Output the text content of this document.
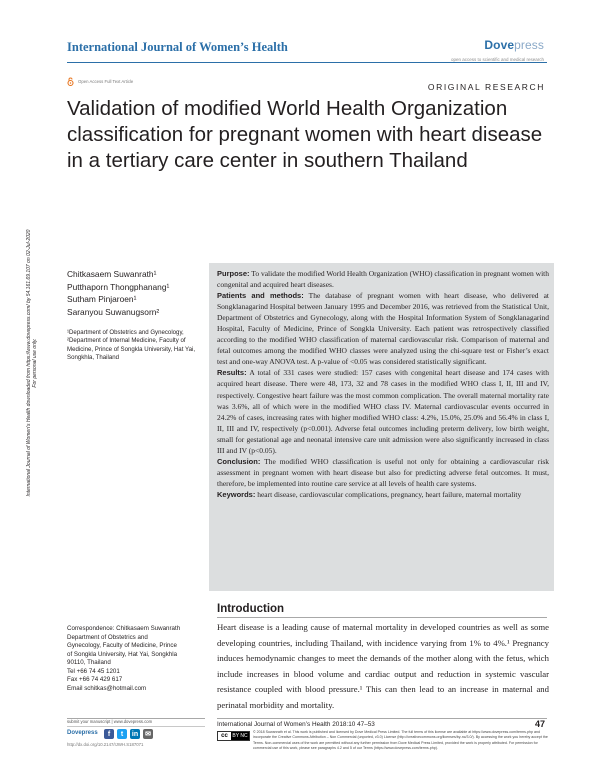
International Journal of Women’s Health	Dovepress
open access to scientific and medical research
Open Access Full Text Article
ORIGINAL RESEARCH
Validation of modified World Health Organization classification for pregnant women with heart disease in a tertiary care center in southern Thailand
International Journal of Women's Health downloaded from https://www.dovepress.com/ by 54.161.69.107 on 02-Jul-2020 For personal use only.
Chitkasaem Suwanrath¹
Putthaporn Thongphanang¹
Sutham Pinjaroen¹
Saranyou Suwanugsorn²
¹Department of Obstetrics and Gynecology, ²Department of Internal Medicine, Faculty of Medicine, Prince of Songkla University, Hat Yai, Songkhla, Thailand

Purpose: To validate the modified World Health Organization (WHO) classification in pregnant women with congenital and acquired heart diseases.

Patients and methods: The database of pregnant women with heart disease, who delivered at Songklanagarind Hospital between January 1995 and December 2016, was retrieved from the Statistical Unit, Department of Obstetrics and Gynecology, along with the Hospital Information System of Songklanagarind Hospital, Faculty of Medicine, Prince of Songkla University. Each patient was retrospectively classified according to the modified WHO classification of maternal cardiovascular risk. Comparison of maternal and fetal outcomes among the modified WHO classes were analyzed using the chi-square test or Fisher’s exact test and one-way ANOVA test. A p-value of <0.05 was considered statistically significant.

Results: A total of 331 cases were studied: 157 cases with congenital heart disease and 174 cases with acquired heart disease. There were 48, 173, 32 and 78 cases in the modified WHO class I, II, III and IV, respectively. Congestive heart failure was the most common complication. The overall maternal mortality rate was 3.6%, all of which were in the modified WHO class IV. Maternal cardiovascular events occurred in 24.2% of cases, increasing rates with higher modified WHO class: 4.2%, 15.0%, 25.0% and 56.4% in class I, II, III and IV, respectively (p<0.001). Adverse fetal outcomes including preterm delivery, low birth weight, small for gestational age and neonatal intensive care unit admission were also significantly increased in class III and IV (p<0.05).

Conclusion: The modified WHO classification is useful not only for obtaining a cardiovascular risk assessment in pregnant women with heart disease but also for predicting adverse fetal outcomes. It must, therefore, be implemented into routine care service at all levels of health care systems.

Keywords: heart disease, cardiovascular complications, pregnancy, heart failure, maternal mortality

Introduction
Heart disease is a leading cause of maternal mortality in developed countries as well as some developing countries, including Thailand, with incidence varying from 1% to 4%.¹ Pregnancy induces hemodynamic changes to meet the demands of the mother along with the fetus, which include increases in blood volume and cardiac output and reduction in systemic vascular resistance coupled with blood pressure.¹ This can then lead to an increase in maternal and perinatal morbidity and mortality.
Correspondence: Chitkasaem Suwanrath
Department of Obstetrics and
Gynecology, Faculty of Medicine, Prince
of Songkla University, Hat Yai, Songkhla
90110, Thailand
Tel +66 74 45 1201
Fax +66 74 429 617
Email schitkas@hotmail.com
submit your manuscript | www.dovepress.com
Dovepress	f	t	in ✉
http://dx.doi.org/10.2147/IJWH.S187071
International Journal of Women’s Health 2018:10 47–53	47
cc BY NC
© 2018 Suwanrath et al. This work is published and licensed by Dove Medical Press Limited. The full terms of this license are available at https://www.dovepress.com/terms.php and incorporate the Creative Commons Attribution – Non Commercial (unported, v3.0) License (http://creativecommons.org/licenses/by-nc/3.0/). By accessing the work you hereby accept the Terms. Non-commercial uses of the work are permitted without any further permission from Dove Medical Press Limited, provided the work is properly attributed. For permission for commercial use of this work, please see paragraphs 4.2 and 5 of our Terms (https://www.dovepress.com/terms.php).
